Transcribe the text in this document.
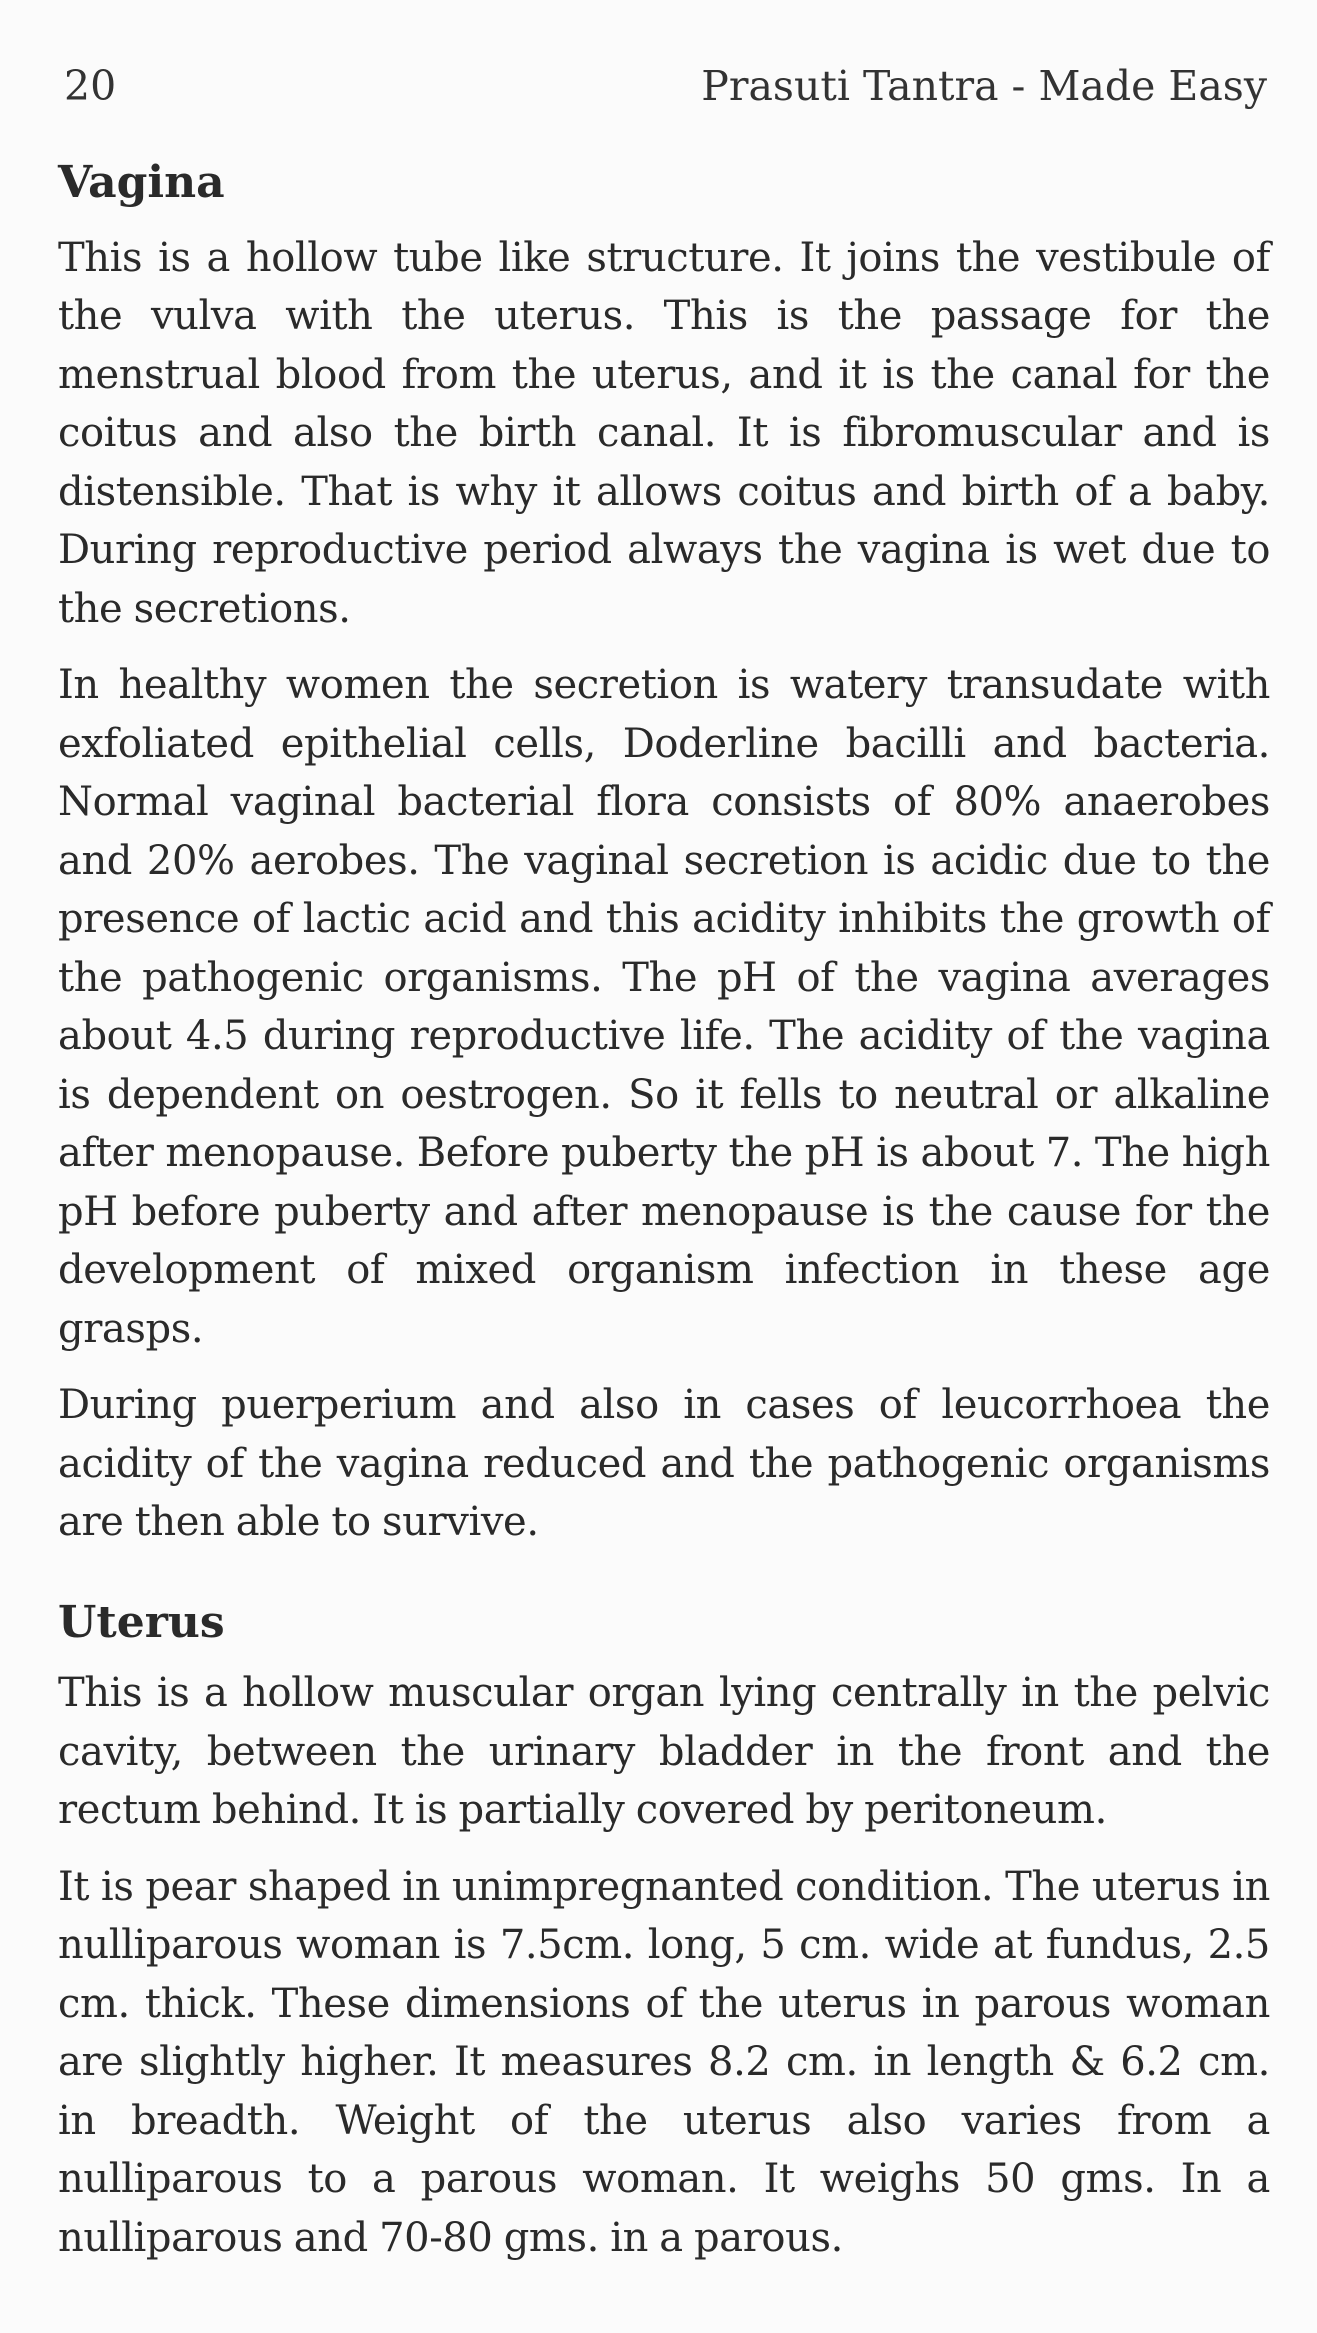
20	Prasuti Tantra - Made Easy
Vagina

This is a hollow tube like structure. It joins the vestibule of the vulva with the uterus. This is the passage for the menstrual blood from the uterus, and it is the canal for the coitus and also the birth canal. It is fibromuscular and is distensible. That is why it allows coitus and birth of a baby. During reproductive period always the vagina is wet due to the secretions.

In healthy women the secretion is watery transudate with exfoliated epithelial cells, Doderline bacilli and bacteria. Normal vaginal bacterial flora consists of 80% anaerobes and 20% aerobes. The vaginal secretion is acidic due to the presence of lactic acid and this acidity inhibits the growth of the pathogenic organisms. The pH of the vagina averages about 4.5 during reproductive life. The acidity of the vagina is dependent on oestrogen. So it fells to neutral or alkaline after menopause. Before puberty the pH is about 7. The high pH before puberty and after menopause is the cause for the development of mixed organism infection in these age grasps.

During puerperium and also in cases of leucorrhoea the acidity of the vagina reduced and the pathogenic organisms are then able to survive.

Uterus

This is a hollow muscular organ lying centrally in the pelvic cavity, between the urinary bladder in the front and the rectum behind. It is partially covered by peritoneum.

It is pear shaped in unimpregnanted condition. The uterus in nulliparous woman is 7.5cm. long, 5 cm. wide at fundus, 2.5 cm. thick. These dimensions of the uterus in parous woman are slightly higher. It measures 8.2 cm. in length & 6.2 cm. in breadth. Weight of the uterus also varies from a nulliparous to a parous woman. It weighs 50 gms. In a nulliparous and 70-80 gms. in a parous.
